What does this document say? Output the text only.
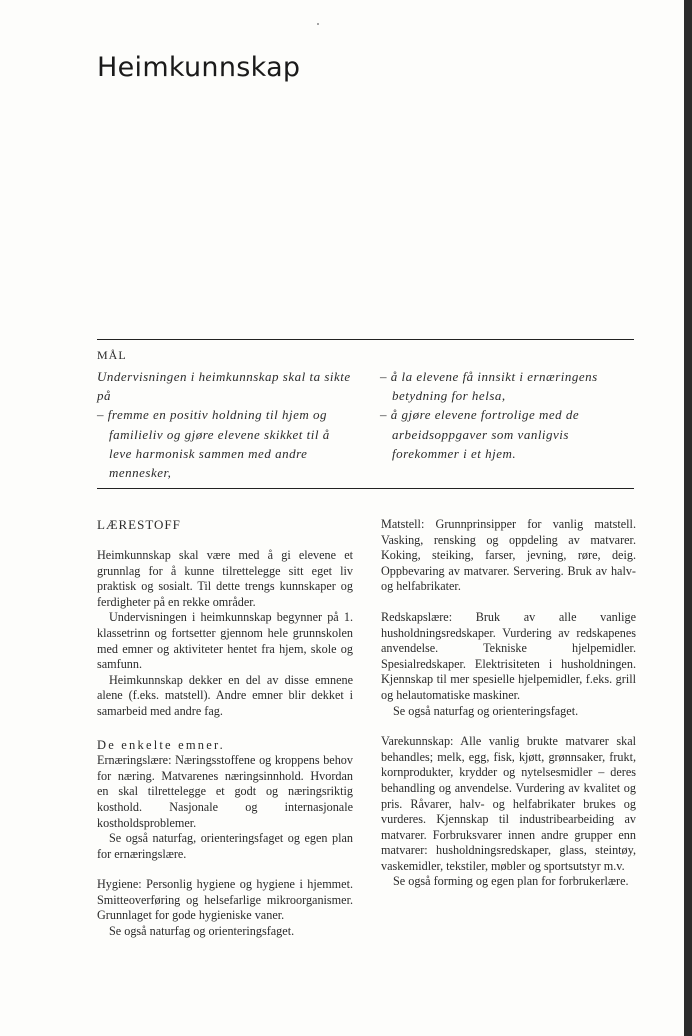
Heimkunnskap
MÅL

Undervisningen i heimkunnskap skal ta sikte på

– fremme en positiv holdning til hjem og familieliv og gjøre elevene skikket til å leve harmonisk sammen med andre mennesker,

– å la elevene få innsikt i ernæringens betydning for helsa,

– å gjøre elevene fortrolige med de arbeidsoppgaver som vanligvis forekommer i et hjem.

LÆRESTOFF

Heimkunnskap skal være med å gi elevene et grunnlag for å kunne tilrettelegge sitt eget liv praktisk og sosialt. Til dette trengs kunnskaper og ferdigheter på en rekke områder.

Undervisningen i heimkunnskap begynner på 1. klassetrinn og fortsetter gjennom hele grunnskolen med emner og aktiviteter hentet fra hjem, skole og samfunn.

Heimkunnskap dekker en del av disse emnene alene (f.eks. matstell). Andre emner blir dekket i samarbeid med andre fag.

De enkelte emner.

Ernæringslære: Næringsstoffene og kroppens behov for næring. Matvarenes næringsinnhold. Hvordan en skal tilrettelegge et godt og næringsriktig kosthold. Nasjonale og internasjonale kostholdsproblemer.

Se også naturfag, orienteringsfaget og egen plan for ernæringslære.

Hygiene: Personlig hygiene og hygiene i hjemmet. Smitteoverføring og helsefarlige mikroorganismer. Grunnlaget for gode hygieniske vaner.

Se også naturfag og orienteringsfaget.

Matstell: Grunnprinsipper for vanlig matstell. Vasking, rensking og oppdeling av matvarer. Koking, steiking, farser, jevning, røre, deig. Oppbevaring av matvarer. Servering. Bruk av halv- og helfabrikater.

Redskapslære: Bruk av alle vanlige husholdningsredskaper. Vurdering av redskapenes anvendelse. Tekniske hjelpemidler. Spesialredskaper. Elektrisiteten i husholdningen. Kjennskap til mer spesielle hjelpemidler, f.eks. grill og helautomatiske maskiner.

Se også naturfag og orienteringsfaget.

Varekunnskap: Alle vanlig brukte matvarer skal behandles; melk, egg, fisk, kjøtt, grønnsaker, frukt, kornprodukter, krydder og nytelsesmidler – deres behandling og anvendelse. Vurdering av kvalitet og pris. Råvarer, halv- og helfabrikater brukes og vurderes. Kjennskap til industribearbeiding av matvarer. Forbruksvarer innen andre grupper enn matvarer: husholdningsredskaper, glass, steintøy, vaskemidler, tekstiler, møbler og sportsutstyr m.v.

Se også forming og egen plan for forbrukerlære.
